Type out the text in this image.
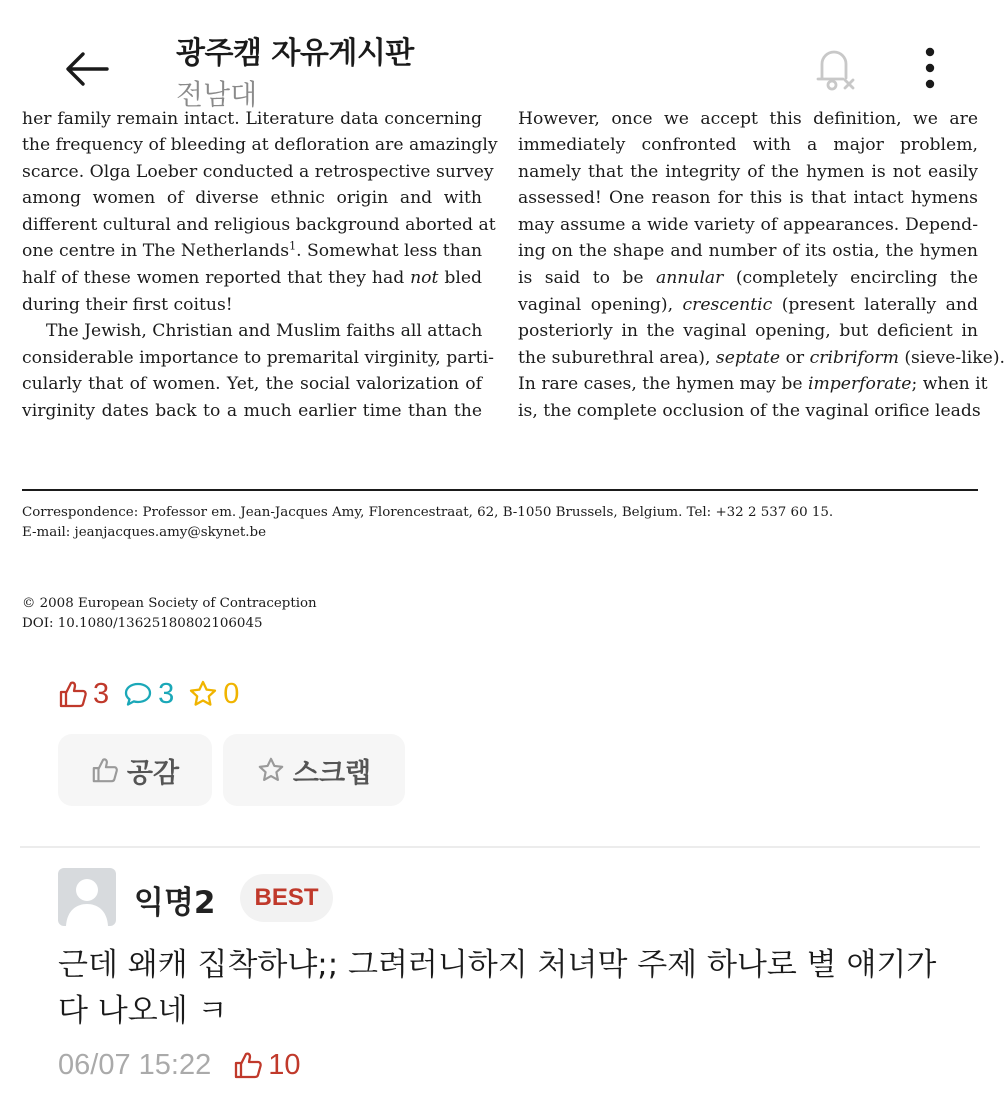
광주캠 자유게시판
전남대
her family remain intact. Literature data concerning
the frequency of bleeding at defloration are amazingly
scarce. Olga Loeber conducted a retrospective survey
among women of diverse ethnic origin and with
different cultural and religious background aborted at
one centre in The Netherlands$^1$. Somewhat less than
half of these women reported that they had not bled
during their first coitus!
The Jewish, Christian and Muslim faiths all attach
considerable importance to premarital virginity, parti-
cularly that of women. Yet, the social valorization of
virginity dates back to a much earlier time than the
However, once we accept this definition, we are
immediately confronted with a major problem,
namely that the integrity of the hymen is not easily
assessed! One reason for this is that intact hymens
may assume a wide variety of appearances. Depend-
ing on the shape and number of its ostia, the hymen
is said to be annular (completely encircling the
vaginal opening), crescentic (present laterally and
posteriorly in the vaginal opening, but deficient in
the suburethral area), septate or cribriform (sieve-like).
In rare cases, the hymen may be imperforate; when it
is, the complete occlusion of the vaginal orifice leads
Correspondence: Professor em. Jean-Jacques Amy, Florencestraat, 62, B-1050 Brussels, Belgium. Tel: +32 2 537 60 15.
E-mail: jeanjacques.amy@skynet.be
© 2008 European Society of Contraception
DOI: 10.1080/13625180802106045
3 3 0
공감	스크랩
익명2	BEST
근데 왜캐 집착하냐;; 그려러니하지 처녀막 주제 하나로 별 얘기가 다 나오네 ㅋ
06/07 15:22 10
